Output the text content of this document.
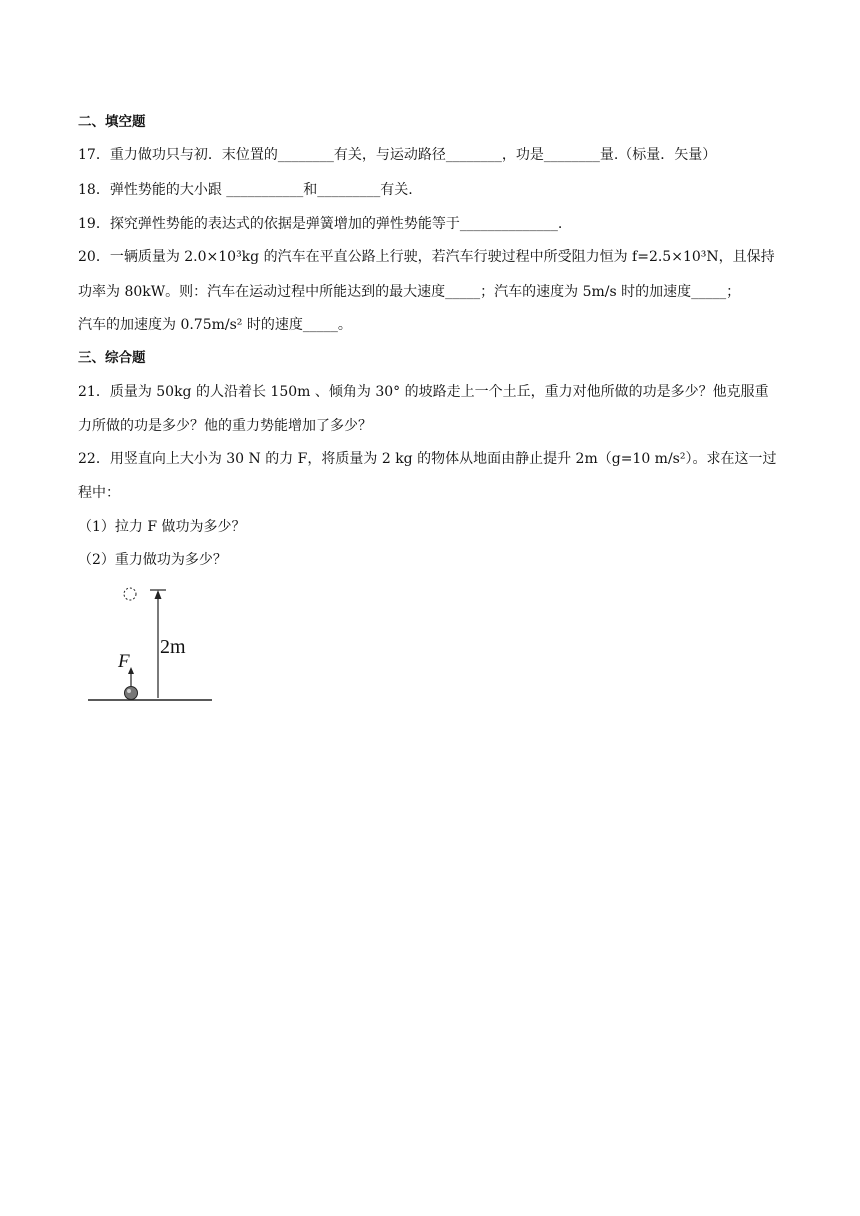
二、填空题
17．重力做功只与初．末位置的________有关，与运动路径________，功是________量.（标量．矢量）
18．弹性势能的大小跟 ___________和_________有关.
19．探究弹性势能的表达式的依据是弹簧增加的弹性势能等于______________.
20．一辆质量为 2.0×10³kg 的汽车在平直公路上行驶，若汽车行驶过程中所受阻力恒为 f=2.5×10³N，且保持
功率为 80kW。则：汽车在运动过程中所能达到的最大速度_____；汽车的速度为 5m/s 时的加速度_____；
汽车的加速度为 0.75m/s² 时的速度_____。
三、综合题
21．质量为 50kg 的人沿着长 150m 、倾角为 30° 的坡路走上一个土丘，重力对他所做的功是多少？他克服重
力所做的功是多少？他的重力势能增加了多少？
22．用竖直向上大小为 30 N 的力 F，将质量为 2 kg 的物体从地面由静止提升 2m（g=10 m/s²）。求在这一过
程中：
（1）拉力 F 做功为多少？
（2）重力做功为多少？
2m
F
